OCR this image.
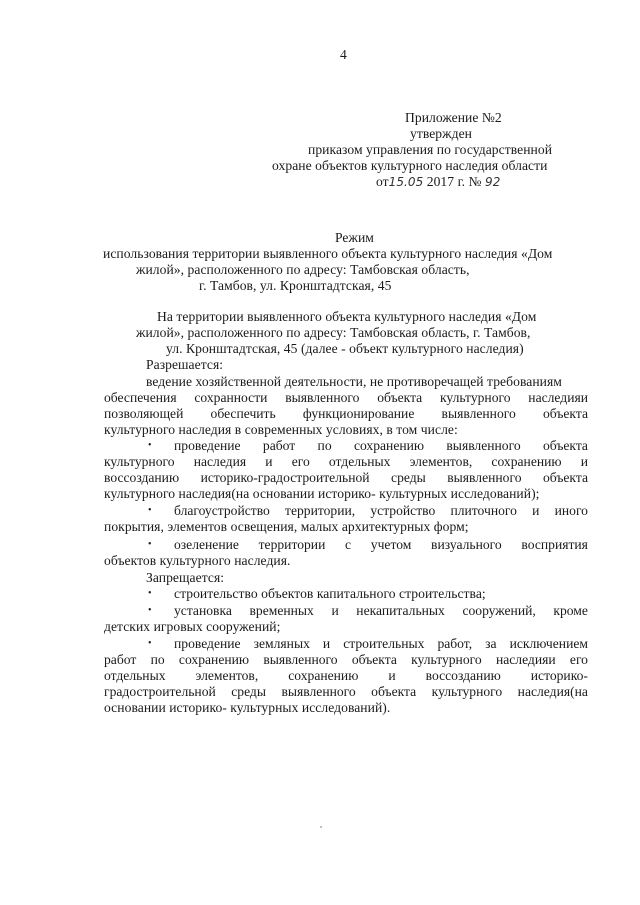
4
Приложение №2
утвержден
приказом управления по государственной
охране объектов культурного наследия области
от15.05 2017 г. № 92
Режим
использования территории выявленного объекта культурного наследия «Дом
жилой», расположенного по адресу: Тамбовская область,
г. Тамбов, ул. Кронштадтская, 45
На территории выявленного объекта культурного наследия «Дом
жилой», расположенного по адресу: Тамбовская область, г. Тамбов,
ул. Кронштадтская, 45 (далее - объект культурного наследия)
Разрешается:
ведение хозяйственной деятельности, не противоречащей требованиям
обеспечения сохранности выявленного объекта культурного наследияи
позволяющей обеспечить функционирование выявленного объекта
культурного наследия в современных условиях, в том числе:
• проведение работ по сохранению выявленного объекта
культурного наследия и его отдельных элементов, сохранению и
воссозданию историко-градостроительной среды выявленного объекта
культурного наследия(на основании историко- культурных исследований);
• благоустройство территории, устройство плиточного и иного
покрытия, элементов освещения, малых архитектурных форм;
• озеленение территории с учетом визуального восприятия
объектов культурного наследия.
Запрещается:
• строительство объектов капитального строительства;
• установка временных и некапитальных сооружений, кроме
детских игровых сооружений;
• проведение земляных и строительных работ, за исключением
работ по сохранению выявленного объекта культурного наследияи его
отдельных элементов, сохранению и воссозданию историко-
градостроительной среды выявленного объекта культурного наследия(на
основании историко- культурных исследований).
